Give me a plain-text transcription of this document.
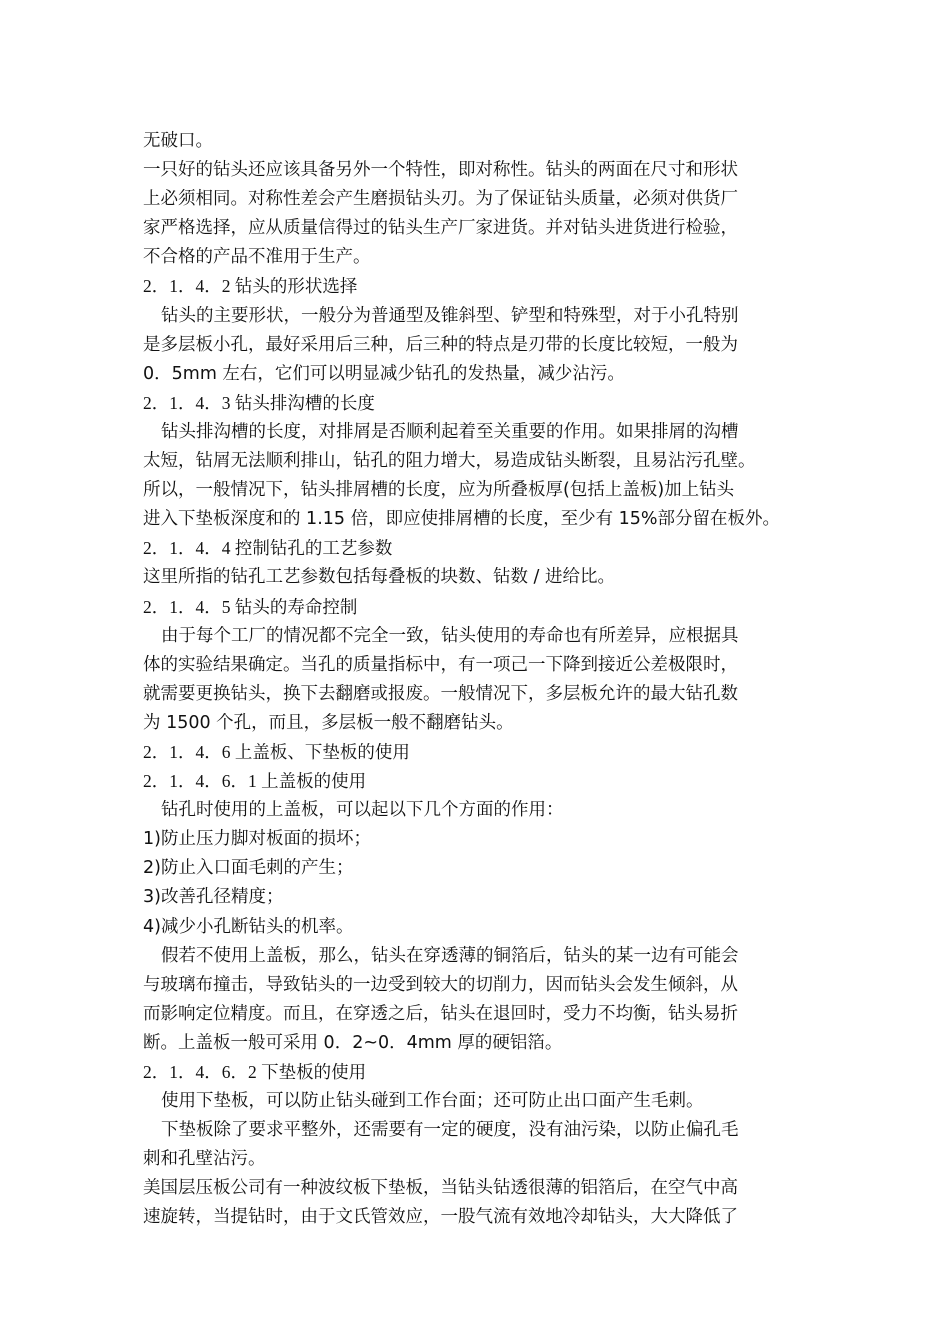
无破口。
一只好的钻头还应该具备另外一个特性，即对称性。钻头的两面在尺寸和形状
上必须相同。对称性差会产生磨损钻头刃。为了保证钻头质量，必须对供货厂
家严格选择，应从质量信得过的钻头生产厂家进货。并对钻头进货进行检验，
不合格的产品不准用于生产。
2．1．4．2 钻头的形状选择
钻头的主要形状，一般分为普通型及锥斜型、铲型和特殊型，对于小孔特别
是多层板小孔，最好采用后三种，后三种的特点是刃带的长度比较短，一般为
0．5mm 左右，它们可以明显减少钻孔的发热量，减少沾污。
2．1．4．3 钻头排沟槽的长度
钻头排沟槽的长度，对排屑是否顺利起着至关重要的作用。如果排屑的沟槽
太短，钻屑无法顺利排山，钻孔的阻力增大，易造成钻头断裂，且易沾污孔壁。
所以，一般情况下，钻头排屑槽的长度，应为所叠板厚(包括上盖板)加上钻头
进入下垫板深度和的 1.15 倍，即应使排屑槽的长度，至少有 15%部分留在板外。
2．1．4．4 控制钻孔的工艺参数
这里所指的钻孔工艺参数包括每叠板的块数、钻数 / 进给比。
2．1．4．5 钻头的寿命控制
由于每个工厂的情况都不完全一致，钻头使用的寿命也有所差异，应根据具
体的实验结果确定。当孔的质量指标中，有一项己一下降到接近公差极限时，
就需要更换钻头，换下去翻磨或报废。一般情况下，多层板允许的最大钻孔数
为 1500 个孔，而且，多层板一般不翻磨钻头。
2．1．4．6 上盖板、下垫板的使用
2．1．4．6．1 上盖板的使用
钻孔时使用的上盖板，可以起以下几个方面的作用：
1)防止压力脚对板面的损坏；
2)防止入口面毛刺的产生；
3)改善孔径精度；
4)减少小孔断钻头的机率。
假若不使用上盖板，那么，钻头在穿透薄的铜箔后，钻头的某一边有可能会
与玻璃布撞击，导致钻头的一边受到较大的切削力，因而钻头会发生倾斜，从
而影响定位精度。而且，在穿透之后，钻头在退回时，受力不均衡，钻头易折
断。上盖板一般可采用 0．2~0．4mm 厚的硬铝箔。
2．1．4．6．2 下垫板的使用
使用下垫板，可以防止钻头碰到工作台面；还可防止出口面产生毛刺。
下垫板除了要求平整外，还需要有一定的硬度，没有油污染，以防止偏孔毛
刺和孔壁沾污。
美国层压板公司有一种波纹板下垫板，当钻头钻透很薄的铝箔后，在空气中高
速旋转，当提钻时，由于文氏管效应，一股气流有效地冷却钻头，大大降低了
